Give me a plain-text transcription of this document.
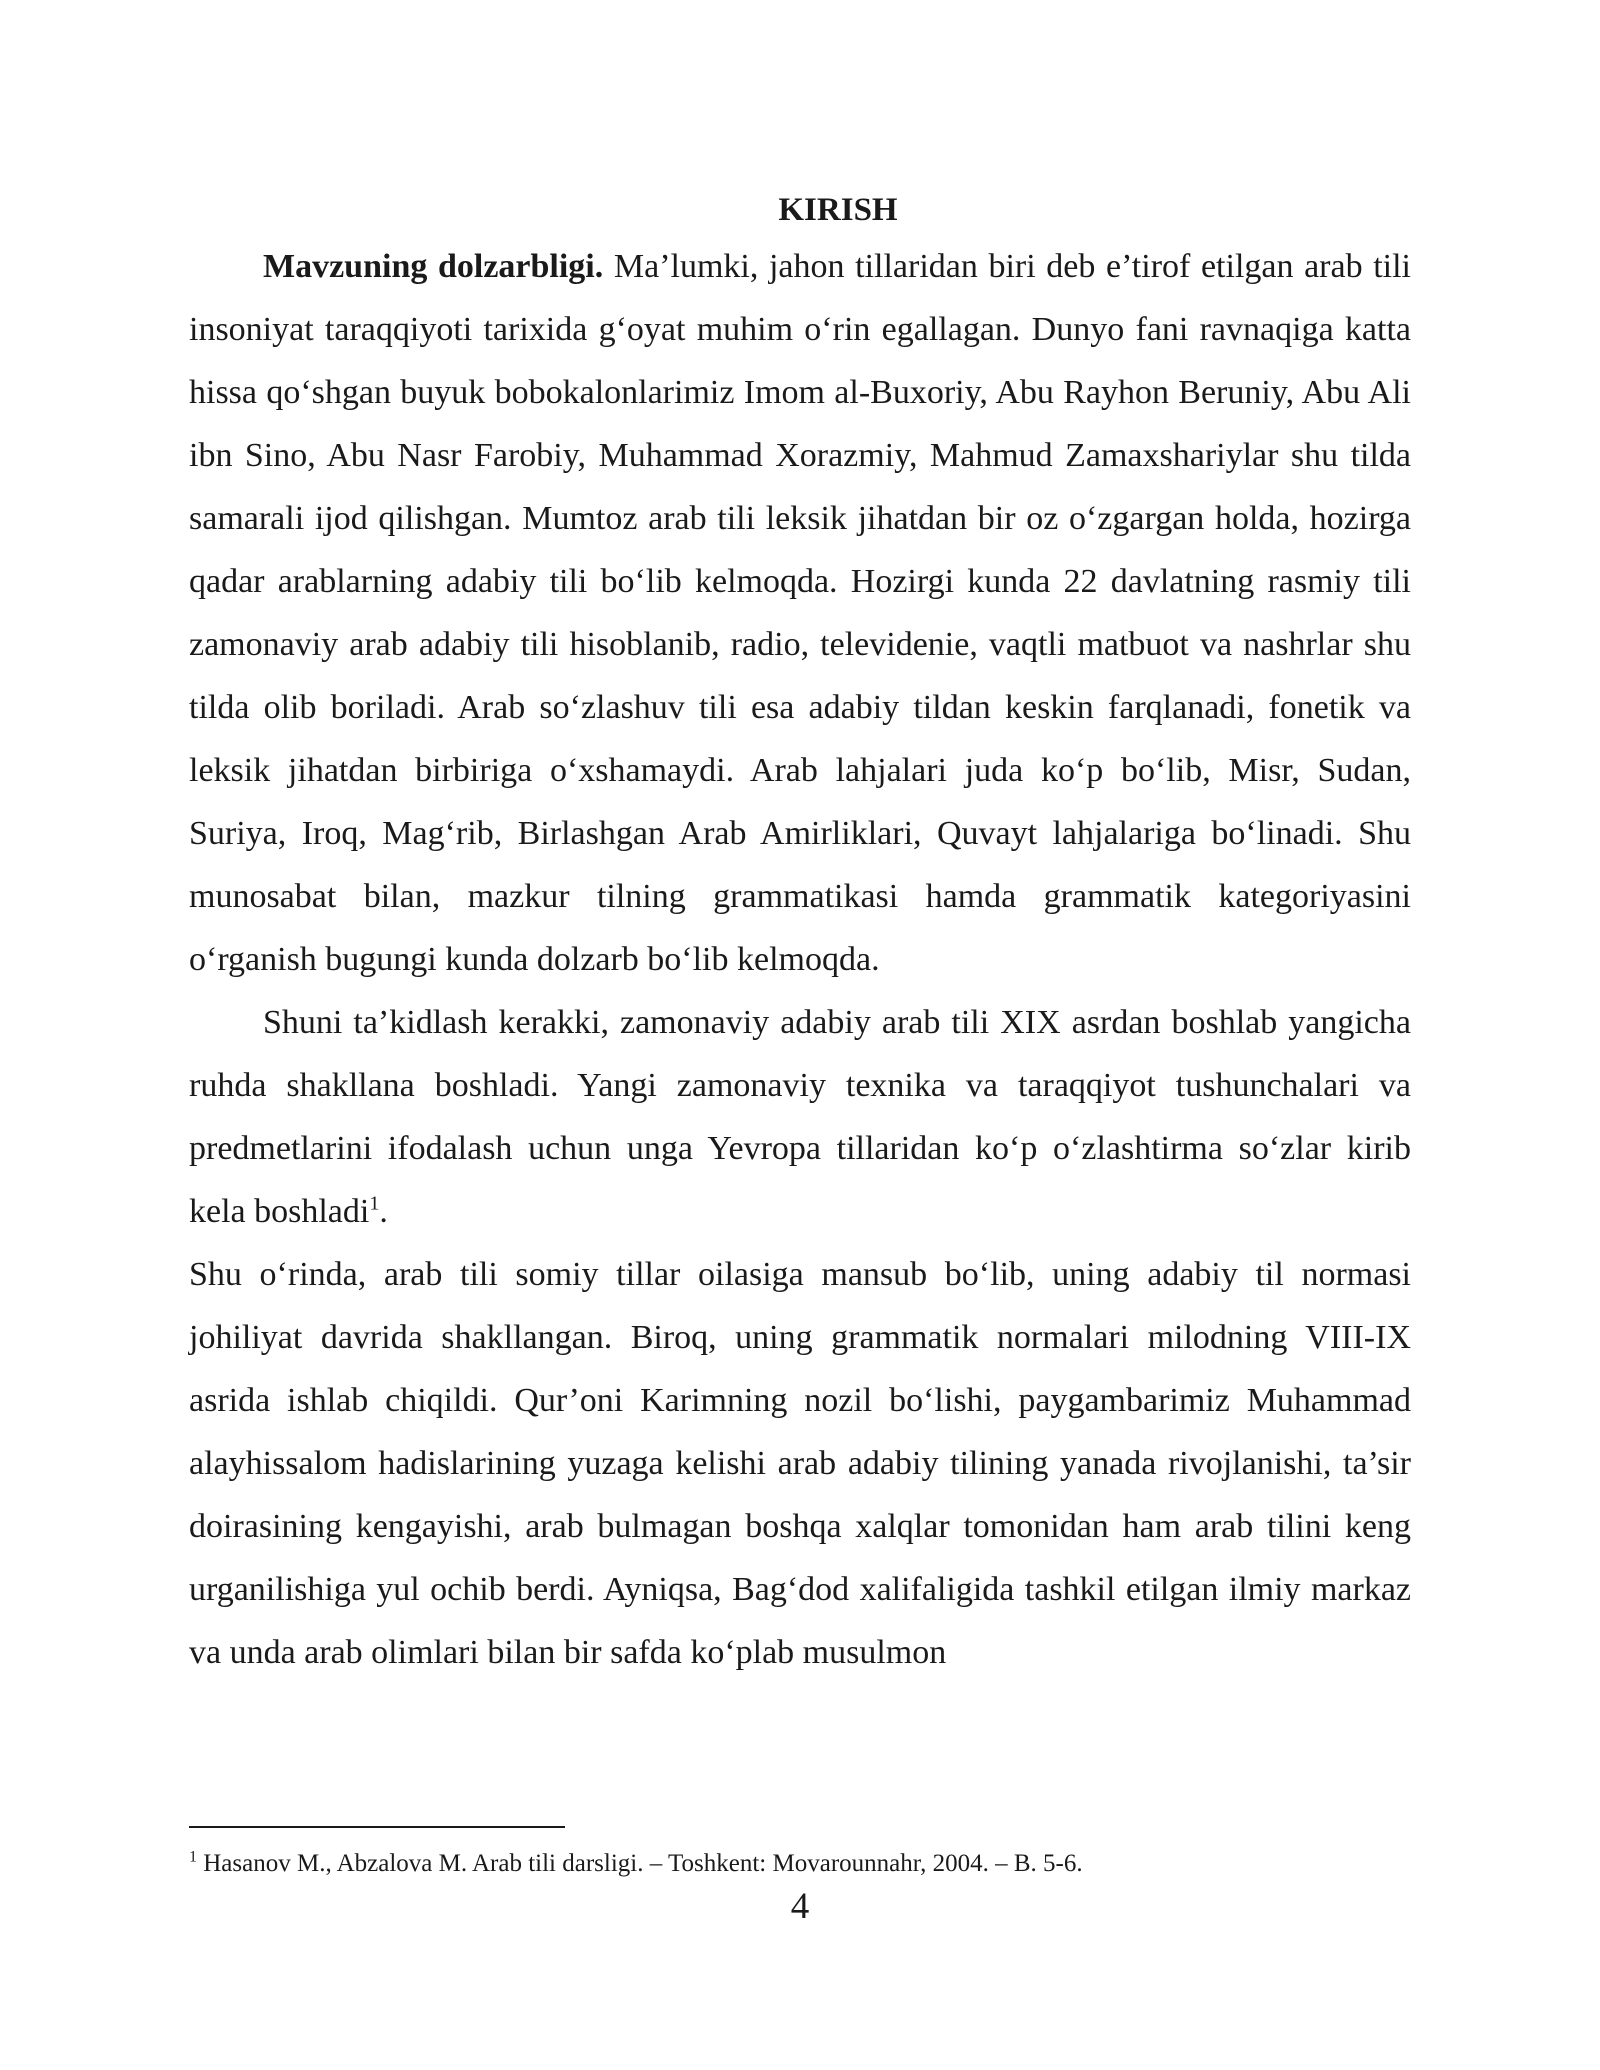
KIRISH

Mavzuning dolzarbligi. Ma’lumki, jahon tillaridan biri deb e’tirof etilgan arab tili insoniyat taraqqiyoti tarixida g‘oyat muhim o‘rin egallagan. Dunyo fani ravnaqiga katta hissa qo‘shgan buyuk bobokalonlarimiz Imom al-Buxoriy, Abu Rayhon Beruniy, Abu Ali ibn Sino, Abu Nasr Farobiy, Muhammad Xorazmiy, Mahmud Zamaxshariylar shu tilda samarali ijod qilishgan. Mumtoz arab tili leksik jihatdan bir oz o‘zgargan holda, hozirga qadar arablarning adabiy tili bo‘lib kelmoqda. Hozirgi kunda 22 davlatning rasmiy tili zamonaviy arab adabiy tili hisoblanib, radio, televidenie, vaqtli matbuot va nashrlar shu tilda olib boriladi. Arab so‘zlashuv tili esa adabiy tildan keskin farqlanadi, fonetik va leksik jihatdan birbiriga o‘xshamaydi. Arab lahjalari juda ko‘p bo‘lib, Misr, Sudan, Suriya, Iroq, Mag‘rib, Birlashgan Arab Amirliklari, Quvayt lahjalariga bo‘linadi. Shu munosabat bilan, mazkur tilning grammatikasi hamda grammatik kategoriyasini o‘rganish bugungi kunda dolzarb bo‘lib kelmoqda.

Shuni ta’kidlash kerakki, zamonaviy adabiy arab tili XIX asrdan boshlab yangicha ruhda shakllana boshladi. Yangi zamonaviy texnika va taraqqiyot tushunchalari va predmetlarini ifodalash uchun unga Yevropa tillaridan ko‘p o‘zlashtirma so‘zlar kirib kela boshladi$^1$.

Shu o‘rinda, arab tili somiy tillar oilasiga mansub bo‘lib, uning adabiy til normasi johiliyat davrida shakllangan. Biroq, uning grammatik normalari milodning VIII-IX asrida ishlab chiqildi. Qur’oni Karimning nozil bo‘lishi, paygambarimiz Muhammad alayhissalom hadislarining yuzaga kelishi arab adabiy tilining yanada rivojlanishi, ta’sir doirasining kengayishi, arab bulmagan boshqa xalqlar tomonidan ham arab tilini keng urganilishiga yul ochib berdi. Ayniqsa, Bag‘dod xalifaligida tashkil etilgan ilmiy markaz va unda arab olimlari bilan bir safda ko‘plab musulmon

$^1$ Hasanov M., Abzalova M. Arab tili darsligi. – Toshkent: Movarounnahr, 2004. – B. 5-6.

4
